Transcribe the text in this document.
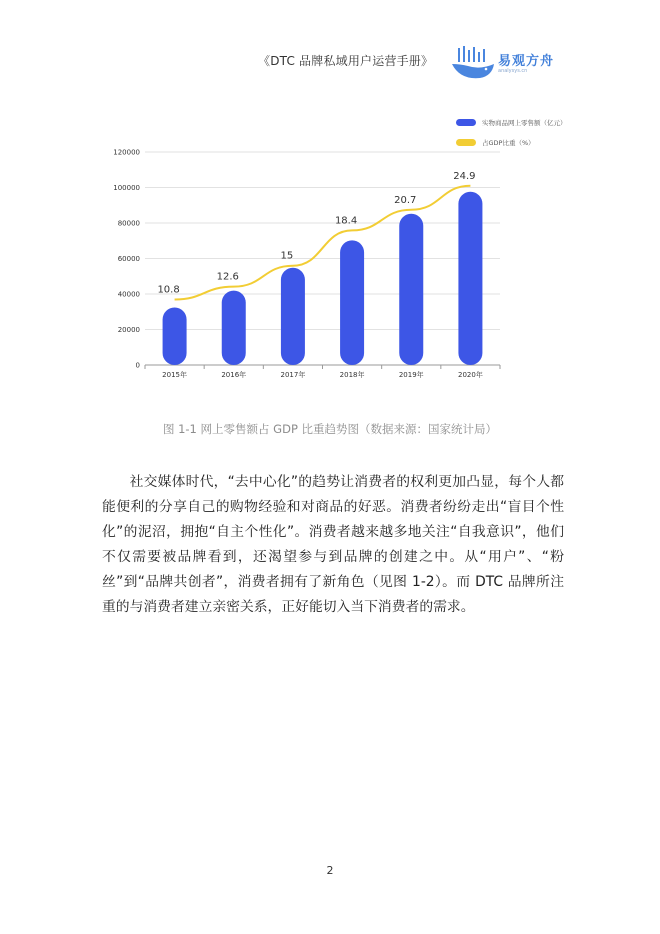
《DTC 品牌私域用户运营手册》	易观方舟
analysys.cn
实物商品网上零售额（亿元）
占GDP比重（%）
0
20000
40000
60000
80000
100000
120000
2015年	2016年	2017年	2018年	2019年	2020年
10.8
12.6
15
18.4
20.7
24.9
图 1-1 网上零售额占 GDP 比重趋势图（数据来源：国家统计局）

社交媒体时代，“去中心化”的趋势让消费者的权利更加凸显，每个人都能便利的分享自己的购物经验和对商品的好恶。消费者纷纷走出“盲目个性化”的泥沼，拥抱“自主个性化”。消费者越来越多地关注“自我意识”，他们不仅需要被品牌看到，还渴望参与到品牌的创建之中。从“用户”、“粉丝”到“品牌共创者”，消费者拥有了新角色（见图 1-2）。而 DTC 品牌所注重的与消费者建立亲密关系，正好能切入当下消费者的需求。

2
